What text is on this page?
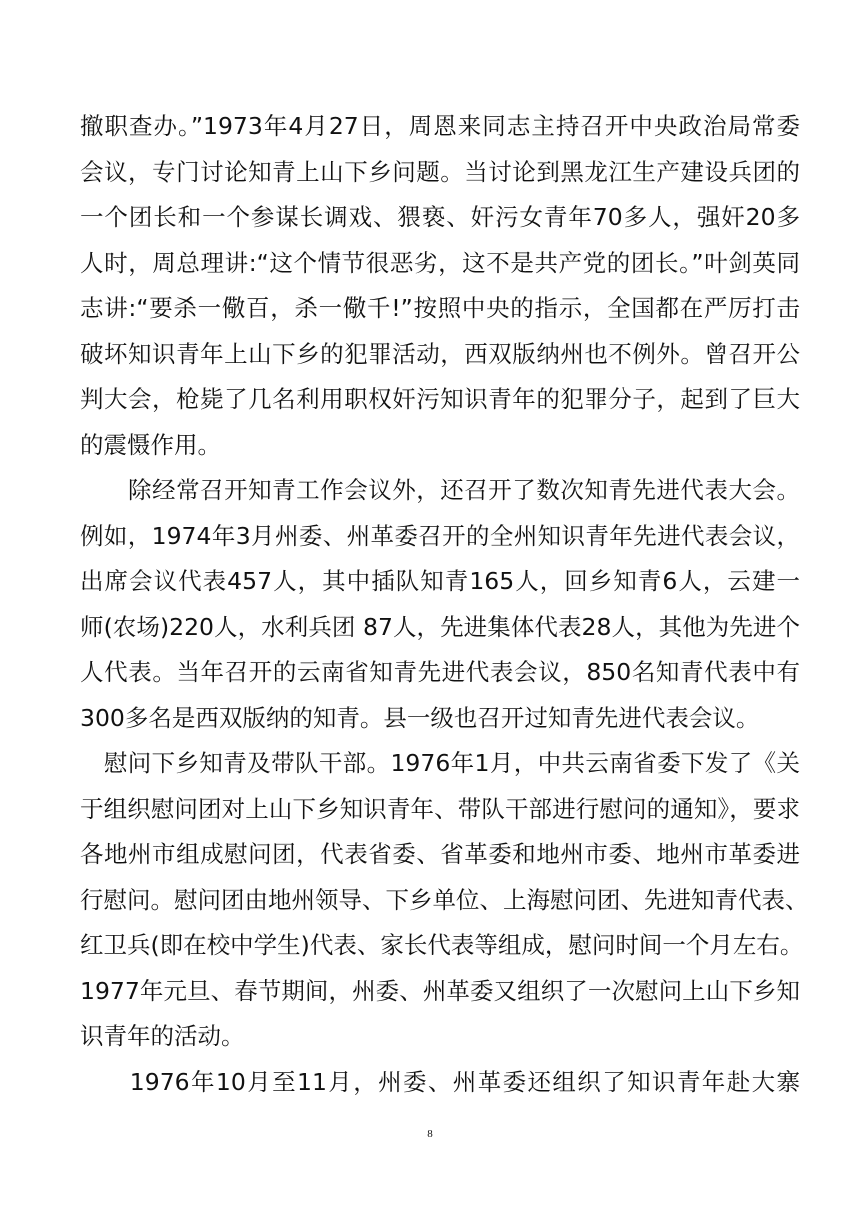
撤职查办。”1973年4月27日，周恩来同志主持召开中央政治局常委
会议，专门讨论知青上山下乡问题。当讨论到黑龙江生产建设兵团的
一个团长和一个参谋长调戏、猥亵、奸污女青年70多人，强奸20多
人时，周总理讲:“这个情节很恶劣，这不是共产党的团长。”叶剑英同
志讲:“要杀一儆百，杀一儆千!”按照中央的指示，全国都在严厉打击
破坏知识青年上山下乡的犯罪活动，西双版纳州也不例外。曾召开公
判大会，枪毙了几名利用职权奸污知识青年的犯罪分子，起到了巨大
的震慑作用。
　　除经常召开知青工作会议外，还召开了数次知青先进代表大会。
例如，1974年3月州委、州革委召开的全州知识青年先进代表会议，
出席会议代表457人，其中插队知青165人，回乡知青6人，云建一
师(农场)220人，水利兵团 87人，先进集体代表28人，其他为先进个
人代表。当年召开的云南省知青先进代表会议，850名知青代表中有
300多名是西双版纳的知青。县一级也召开过知青先进代表会议。
　慰问下乡知青及带队干部。1976年1月，中共云南省委下发了《关
于组织慰问团对上山下乡知识青年、带队干部进行慰问的通知》，要求
各地州市组成慰问团，代表省委、省革委和地州市委、地州市革委进
行慰问。慰问团由地州领导、下乡单位、上海慰问团、先进知青代表、
红卫兵(即在校中学生)代表、家长代表等组成，慰问时间一个月左右。
1977年元旦、春节期间，州委、州革委又组织了一次慰问上山下乡知
识青年的活动。
　　1976年10月至11月，州委、州革委还组织了知识青年赴大寨
8
